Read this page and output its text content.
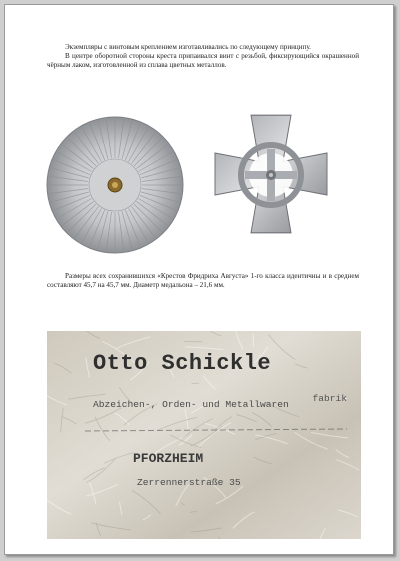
Экземпляры с винтовым креплением изготавливались по следующему принципу.
В центре оборотной стороны креста припаивался винт с резьбой, фиксирующийся окрашенной чёрным лаком, изготовленной из сплава цветных металлов.

Размеры всех сохранившихся «Крестов Фридриха Августа» 1-го класса идентичны и в среднем составляют 45,7 на 45,7 мм. Диаметр медальона – 21,6 мм.

Otto Schickle
Abzeichen-, Orden- und Metallwaren
fabrik
PFORZHEIM
Zerrennerstraße 35
